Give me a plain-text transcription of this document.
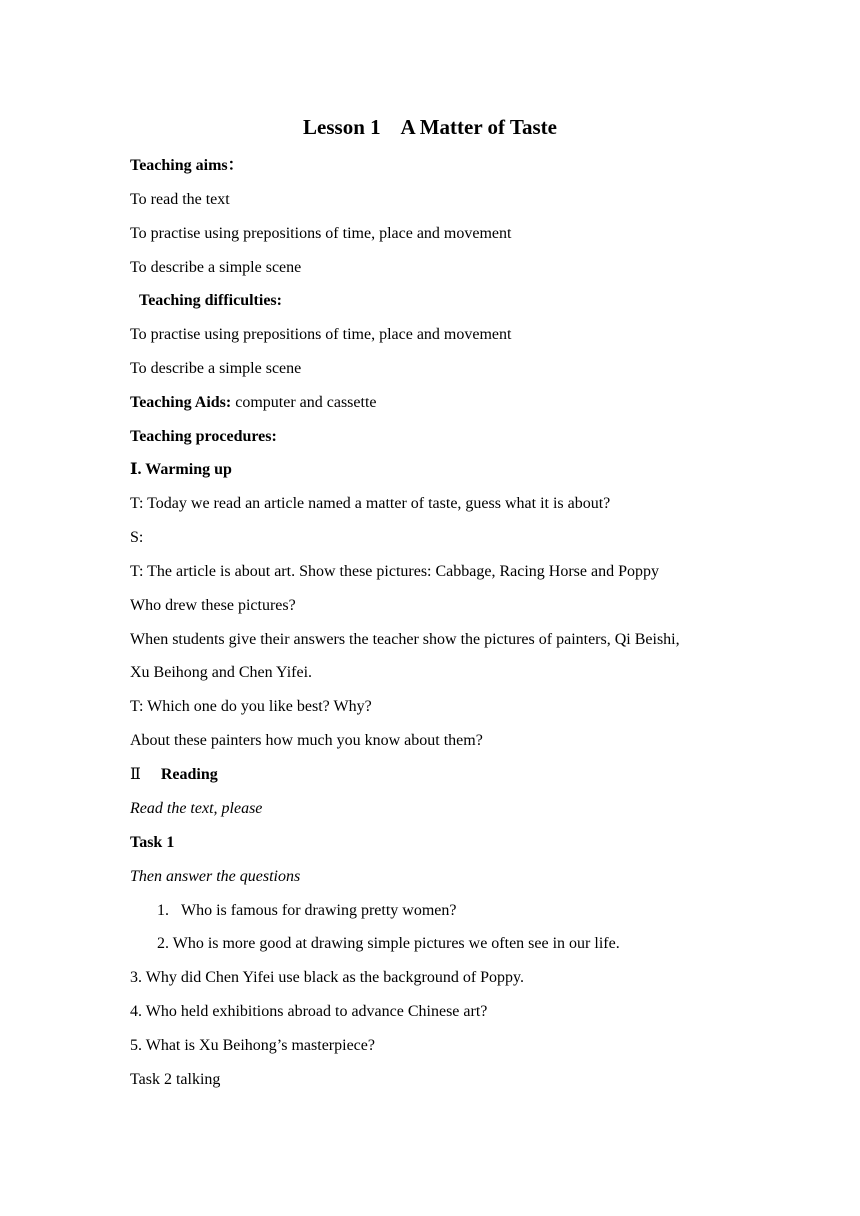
Lesson 1    A Matter of Taste
Teaching aims：
To read the text
To practise using prepositions of time, place and movement
To describe a simple scene
Teaching difficulties:
To practise using prepositions of time, place and movement
To describe a simple scene
Teaching Aids: computer and cassette
Teaching procedures:
Ⅰ. Warming up
T: Today we read an article named a matter of taste, guess what it is about?
S:
T: The article is about art. Show these pictures: Cabbage, Racing Horse and Poppy
Who drew these pictures?
When students give their answers the teacher show the pictures of painters, Qi Beishi,
Xu Beihong and Chen Yifei.
T: Which one do you like best? Why?
About these painters how much you know about them?
Ⅱ Reading
Read the text, please
Task 1
Then answer the questions
1. Who is famous for drawing pretty women?
2. Who is more good at drawing simple pictures we often see in our life.
3. Why did Chen Yifei use black as the background of Poppy.
4. Who held exhibitions abroad to advance Chinese art?
5. What is Xu Beihong’s masterpiece?
Task 2 talking
